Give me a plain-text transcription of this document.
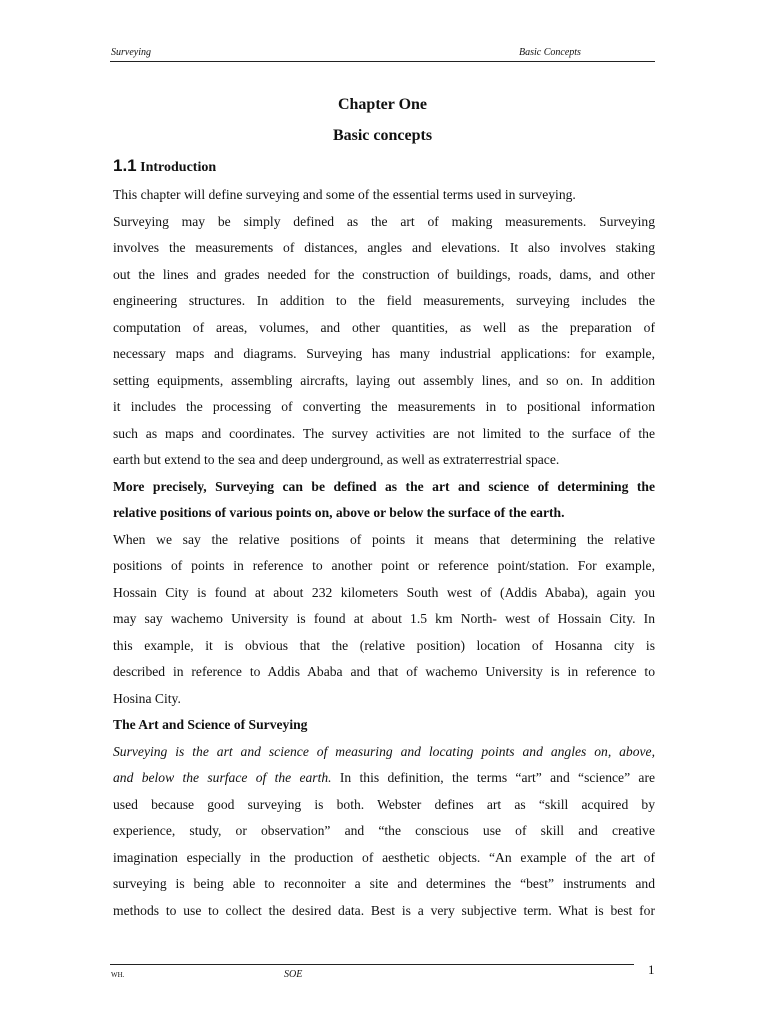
Surveying	Basic Concepts
Chapter One
Basic concepts
1.1 Introduction
This chapter will define surveying and some of the essential terms used in surveying.
Surveying may be simply defined as the art of making measurements. Surveying
involves the measurements of distances, angles and elevations. It also involves staking
out the lines and grades needed for the construction of buildings, roads, dams, and other
engineering structures. In addition to the field measurements, surveying includes the
computation of areas, volumes, and other quantities, as well as the preparation of
necessary maps and diagrams. Surveying has many industrial applications: for example,
setting equipments, assembling aircrafts, laying out assembly lines, and so on. In addition
it includes the processing of converting the measurements in to positional information
such as maps and coordinates. The survey activities are not limited to the surface of the
earth but extend to the sea and deep underground, as well as extraterrestrial space.
More precisely, Surveying can be defined as the art and science of determining the
relative positions of various points on, above or below the surface of the earth.
When we say the relative positions of points it means that determining the relative
positions of points in reference to another point or reference point/station. For example,
Hossain City is found at about 232 kilometers South west of (Addis Ababa), again you
may say wachemo University is found at about 1.5 km North- west of Hossain City. In
this example, it is obvious that the (relative position) location of Hosanna city is
described in reference to Addis Ababa and that of wachemo University is in reference to
Hosina City.
The Art and Science of Surveying
Surveying is the art and science of measuring and locating points and angles on, above,
and below the surface of the earth. In this definition, the terms “art” and “science” are
used because good surveying is both. Webster defines art as “skill acquired by
experience, study, or observation” and “the conscious use of skill and creative
imagination especially in the production of aesthetic objects. “An example of the art of
surveying is being able to reconnoiter a site and determines the “best” instruments and
methods to use to collect the desired data. Best is a very subjective term. What is best for
WH.	SOE	1
